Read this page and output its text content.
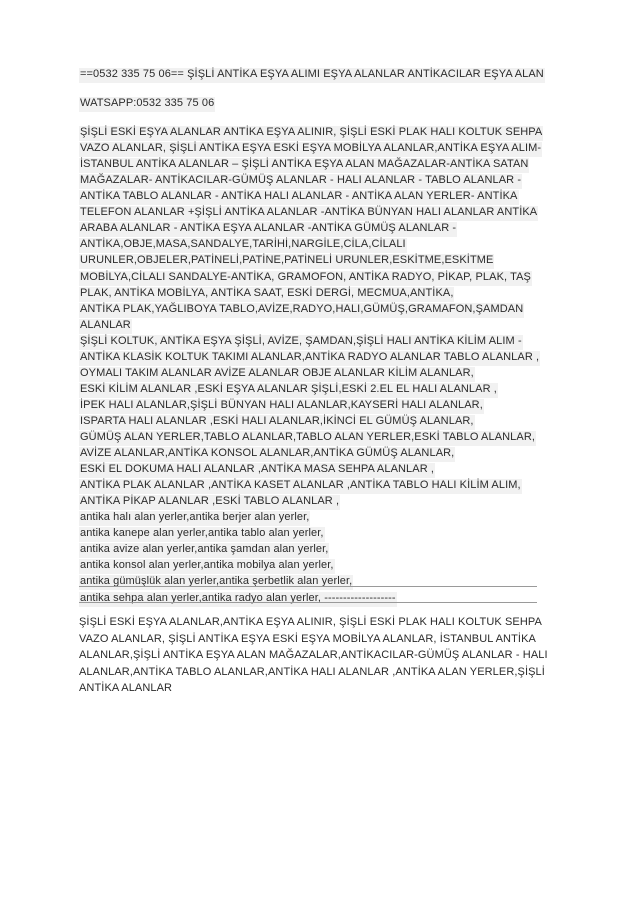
==0532 335 75 06== ŞİŞLİ ANTİKA EŞYA ALIMI EŞYA ALANLAR ANTİKACILAR EŞYA ALAN
WATSAPP:0532 335 75 06
ŞİŞLİ ESKİ EŞYA ALANLAR ANTİKA EŞYA ALINIR, ŞİŞLİ ESKİ PLAK HALI KOLTUK SEHPA
VAZO ALANLAR, ŞİŞLİ ANTİKA EŞYA ESKİ EŞYA MOBİLYA ALANLAR,ANTİKA EŞYA ALIM-
İSTANBUL ANTİKA ALANLAR – ŞİŞLİ ANTİKA EŞYA ALAN MAĞAZALAR-ANTİKA SATAN
MAĞAZALAR- ANTİKACILAR-GÜMÜŞ ALANLAR - HALI ALANLAR - TABLO ALANLAR -
ANTİKA TABLO ALANLAR - ANTİKA HALI ALANLAR - ANTİKA ALAN YERLER- ANTİKA
TELEFON ALANLAR +ŞİŞLİ ANTİKA ALANLAR -ANTİKA BÜNYAN HALI ALANLAR ANTİKA
ARABA ALANLAR - ANTİKA EŞYA ALANLAR -ANTİKA GÜMÜŞ ALANLAR -
ANTİKA,OBJE,MASA,SANDALYE,TARİHİ,NARGİLE,CİLA,CİLALI
URUNLER,OBJELER,PATİNELİ,PATİNE,PATİNELİ URUNLER,ESKİTME,ESKİTME
MOBİLYA,CİLALI SANDALYE-ANTİKA, GRAMOFON, ANTİKA RADYO, PİKAP, PLAK, TAŞ
PLAK, ANTİKA MOBİLYA, ANTİKA SAAT, ESKİ DERGİ, MECMUA,ANTİKA,
ANTİKA PLAK,YAĞLIBOYA TABLO,AVİZE,RADYO,HALI,GÜMÜŞ,GRAMAFON,ŞAMDAN
ALANLAR
ŞİŞLİ KOLTUK, ANTİKA EŞYA ŞİŞLİ, AVİZE, ŞAMDAN,ŞİŞLİ HALI ANTİKA KİLİM ALIM -
ANTİKA KLASİK KOLTUK TAKIMI ALANLAR,ANTİKA RADYO ALANLAR TABLO ALANLAR ,
OYMALI TAKIM ALANLAR AVİZE ALANLAR OBJE ALANLAR KİLİM ALANLAR,
ESKİ KİLİM ALANLAR ,ESKİ EŞYA ALANLAR ŞİŞLİ,ESKİ 2.EL EL HALI ALANLAR ,
İPEK HALI ALANLAR,ŞİŞLİ BÜNYAN HALI ALANLAR,KAYSERİ HALI ALANLAR,
ISPARTA HALI ALANLAR ,ESKİ HALI ALANLAR,İKİNCİ EL GÜMÜŞ ALANLAR,
GÜMÜŞ ALAN YERLER,TABLO ALANLAR,TABLO ALAN YERLER,ESKİ TABLO ALANLAR,
AVİZE ALANLAR,ANTİKA KONSOL ALANLAR,ANTİKA GÜMÜŞ ALANLAR,
ESKİ EL DOKUMA HALI ALANLAR ,ANTİKA MASA SEHPA ALANLAR ,
ANTİKA PLAK ALANLAR ,ANTİKA KASET ALANLAR ,ANTİKA TABLO HALI KİLİM ALIM,
ANTİKA PİKAP ALANLAR ,ESKİ TABLO ALANLAR ,
antika halı alan yerler,antika berjer alan yerler,
antika kanepe alan yerler,antika tablo alan yerler,
antika avize alan yerler,antika şamdan alan yerler,
antika konsol alan yerler,antika mobilya alan yerler,
antika gümüşlük alan yerler,antika şerbetlik alan yerler,
antika sehpa alan yerler,antika radyo alan yerler, -------------------
ŞİŞLİ ESKİ EŞYA ALANLAR,ANTİKA EŞYA ALINIR, ŞİŞLİ ESKİ PLAK HALI KOLTUK SEHPA
VAZO ALANLAR, ŞİŞLİ ANTİKA EŞYA ESKİ EŞYA MOBİLYA ALANLAR, İSTANBUL ANTİKA
ALANLAR,ŞİŞLİ ANTİKA EŞYA ALAN MAĞAZALAR,ANTİKACILAR-GÜMÜŞ ALANLAR - HALI
ALANLAR,ANTİKA TABLO ALANLAR,ANTİKA HALI ALANLAR ,ANTİKA ALAN YERLER,ŞİŞLİ
ANTİKA ALANLAR
